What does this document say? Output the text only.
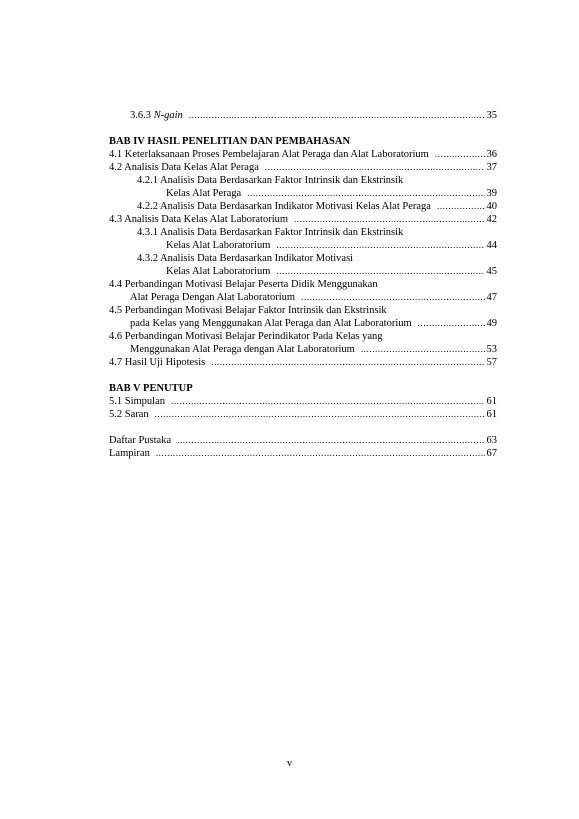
3.6.3 N-gain .....	35
BAB IV HASIL PENELITIAN DAN PEMBAHASAN
4.1 Keterlaksanaan Proses Pembelajaran Alat Peraga dan Alat Laboratorium .....	36
4.2 Analisis Data Kelas Alat Peraga .....	37
4.2.1 Analisis Data Berdasarkan Faktor Intrinsik dan Ekstrinsik
Kelas Alat Peraga .....	39
4.2.2 Analisis Data Berdasarkan Indikator Motivasi Kelas Alat Peraga .....	40
4.3 Analisis Data Kelas Alat Laboratorium .....	42
4.3.1 Analisis Data Berdasarkan Faktor Intrinsik dan Ekstrinsik
Kelas Alat Laboratorium .....	44
4.3.2 Analisis Data Berdasarkan Indikator Motivasi
Kelas Alat Laboratorium .....	45
4.4 Perbandingan Motivasi Belajar Peserta Didik Menggunakan
Alat Peraga Dengan Alat Laboratorium .....	47
4.5 Perbandingan Motivasi Belajar Faktor Intrinsik dan Ekstrinsik
pada Kelas yang Menggunakan Alat Peraga dan Alat Laboratorium .....	49
4.6 Perbandingan Motivasi Belajar Perindikator Pada Kelas yang
Menggunakan Alat Peraga dengan Alat Laboratorium .....	53
4.7 Hasil Uji Hipotesis .....	57
BAB V PENUTUP
5.1 Simpulan .....	61
5.2 Saran .....	61
Daftar Pustaka .....	63
Lampiran .....	67
v
